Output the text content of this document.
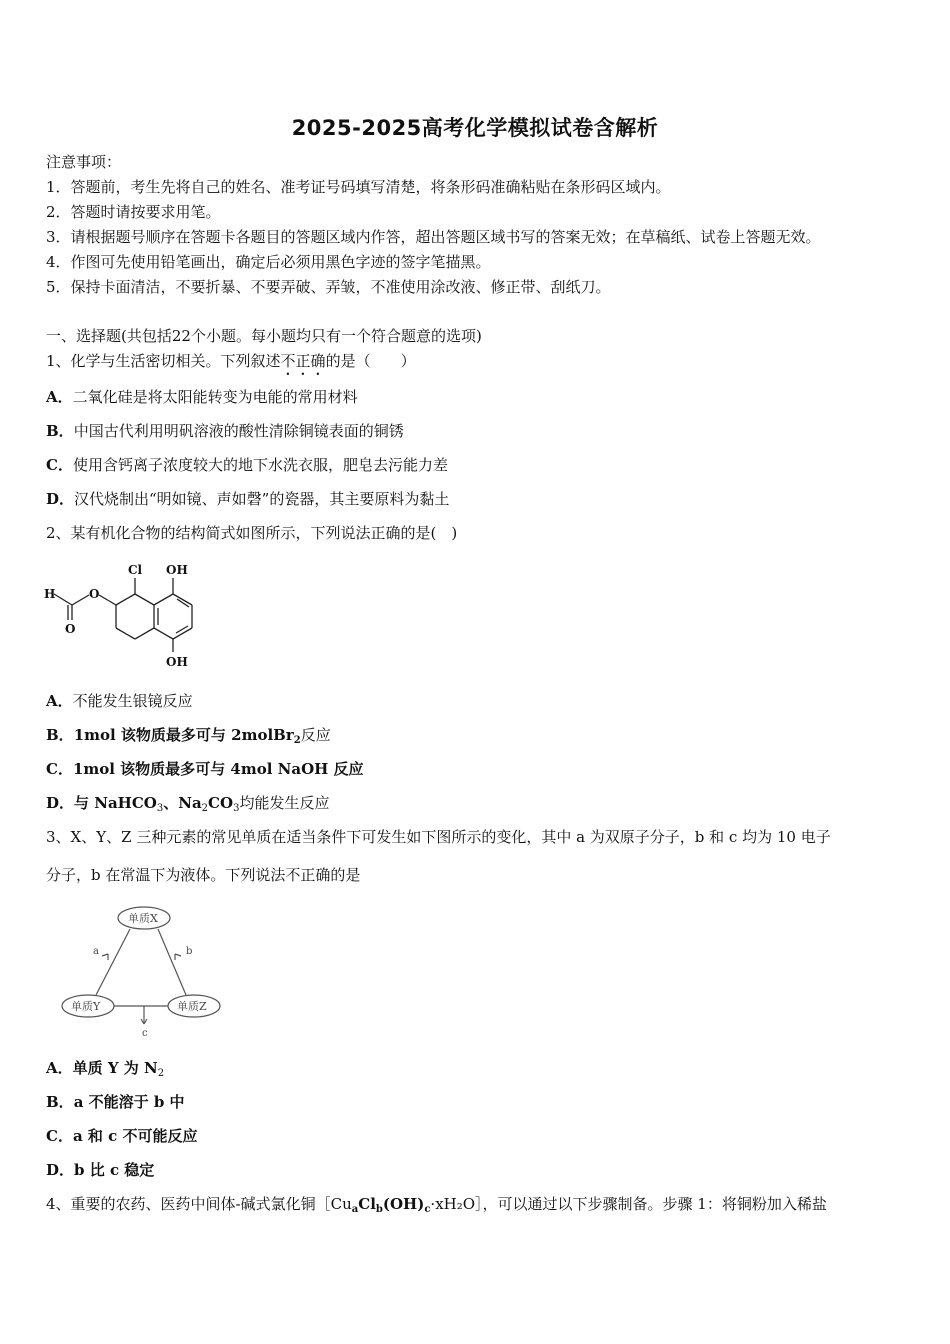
2025-2025高考化学模拟试卷含解析
注意事项：
1．答题前，考生先将自己的姓名、准考证号码填写清楚，将条形码准确粘贴在条形码区域内。
2．答题时请按要求用笔。
3．请根据题号顺序在答题卡各题目的答题区域内作答，超出答题区域书写的答案无效；在草稿纸、试卷上答题无效。
4．作图可先使用铅笔画出，确定后必须用黑色字迹的签字笔描黑。
5．保持卡面清洁，不要折暴、不要弄破、弄皱，不准使用涂改液、修正带、刮纸刀。
一、选择题(共包括22个小题。每小题均只有一个符合题意的选项)
1、化学与生活密切相关。下列叙述不正确的是（　　）
A．二氧化硅是将太阳能转变为电能的常用材料
B．中国古代利用明矾溶液的酸性清除铜镜表面的铜锈
C．使用含钙离子浓度较大的地下水洗衣服，肥皂去污能力差
D．汉代烧制出“明如镜、声如磬”的瓷器，其主要原料为黏土
2、某有机化合物的结构简式如图所示，下列说法正确的是(　)
Cl OH
OH
H	O
O
A．不能发生银镜反应
B．1mol 该物质最多可与 2molBr$_2$反应
C．1mol 该物质最多可与 4mol NaOH 反应
D．与 NaHCO$_3$、$Na_2CO_3$均能发生反应
3、X、Y、Z 三种元素的常见单质在适当条件下可发生如下图所示的变化，其中 a 为双原子分子，b 和 c 均为 10 电子
分子，b 在常温下为液体。下列说法不正确的是
单质X
单质Y	单质Z
a	b
c
A．单质 Y 为 $N_2$
B．a 不能溶于 b 中
C．a 和 c 不可能反应
D．b 比 c 稳定
4、重要的农药、医药中间体-碱式氯化铜$[Cu_aCl_b(OH)_c\cdot xH_2O]$，可以通过以下步骤制备。步骤 1：将铜粉加入稀盐
